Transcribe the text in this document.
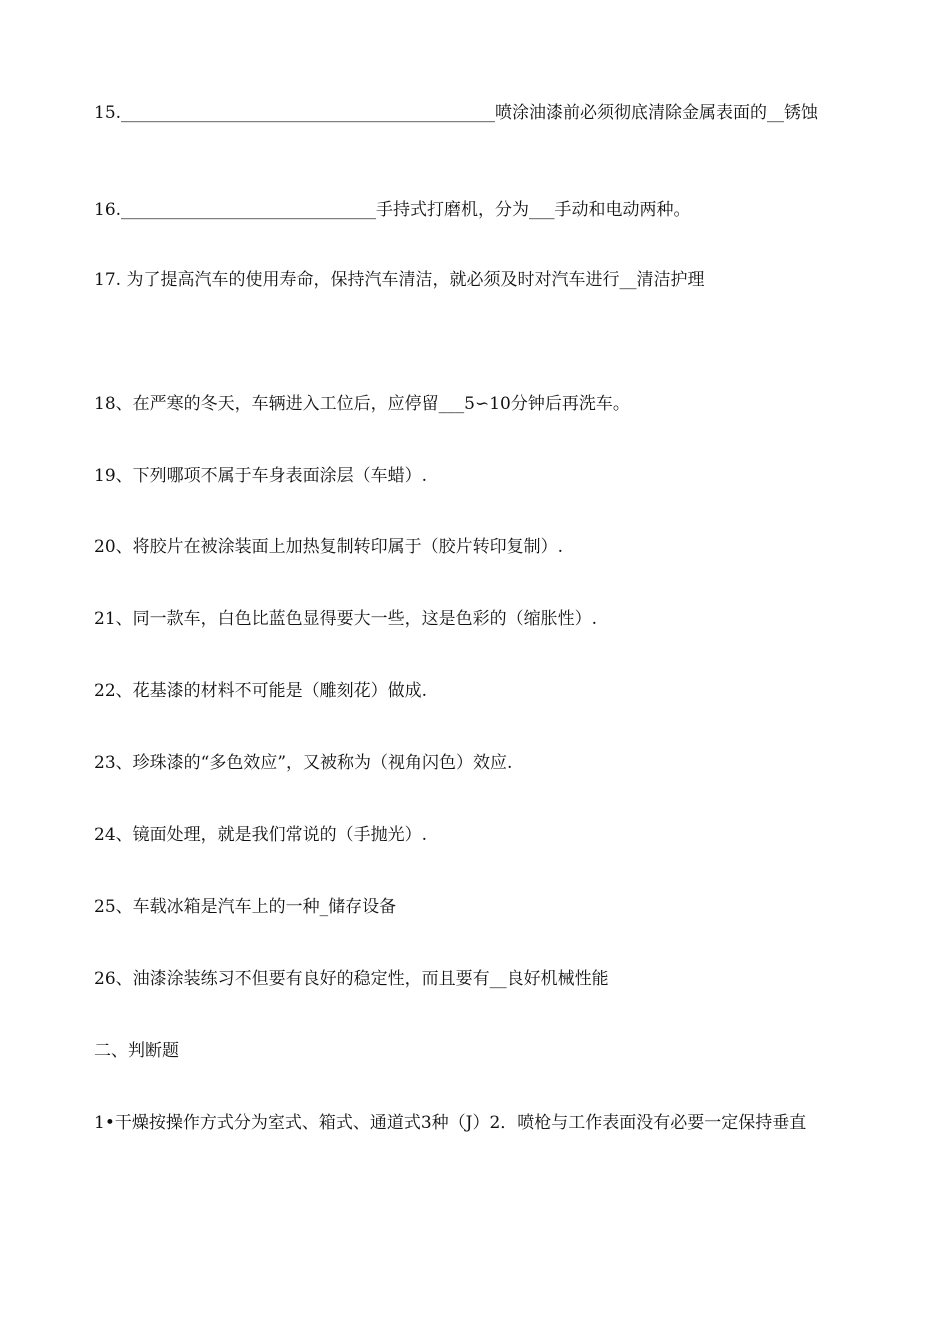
15.____________________________________________喷涂油漆前必须彻底清除金属表面的__锈蚀
16.______________________________手持式打磨机，分为___手动和电动两种。
17. 为了提高汽车的使用寿命，保持汽车清洁，就必须及时对汽车进行__清洁护理
18、在严寒的冬天，车辆进入工位后，应停留___5∽10分钟后再洗车。
19、下列哪项不属于车身表面涂层（车蜡）.
20、将胶片在被涂装面上加热复制转印属于（胶片转印复制）.
21、同一款车，白色比蓝色显得要大一些，这是色彩的（缩胀性）.
22、花基漆的材料不可能是（雕刻花）做成.
23、珍珠漆的“多色效应”，又被称为（视角闪色）效应.
24、镜面处理，就是我们常说的（手抛光）.
25、车载冰箱是汽车上的一种_储存设备
26、油漆涂装练习不但要有良好的稳定性，而且要有__良好机械性能
二、判断题
1•干燥按操作方式分为室式、箱式、通道式3种（J）2．喷枪与工作表面没有必要一定保持垂直
